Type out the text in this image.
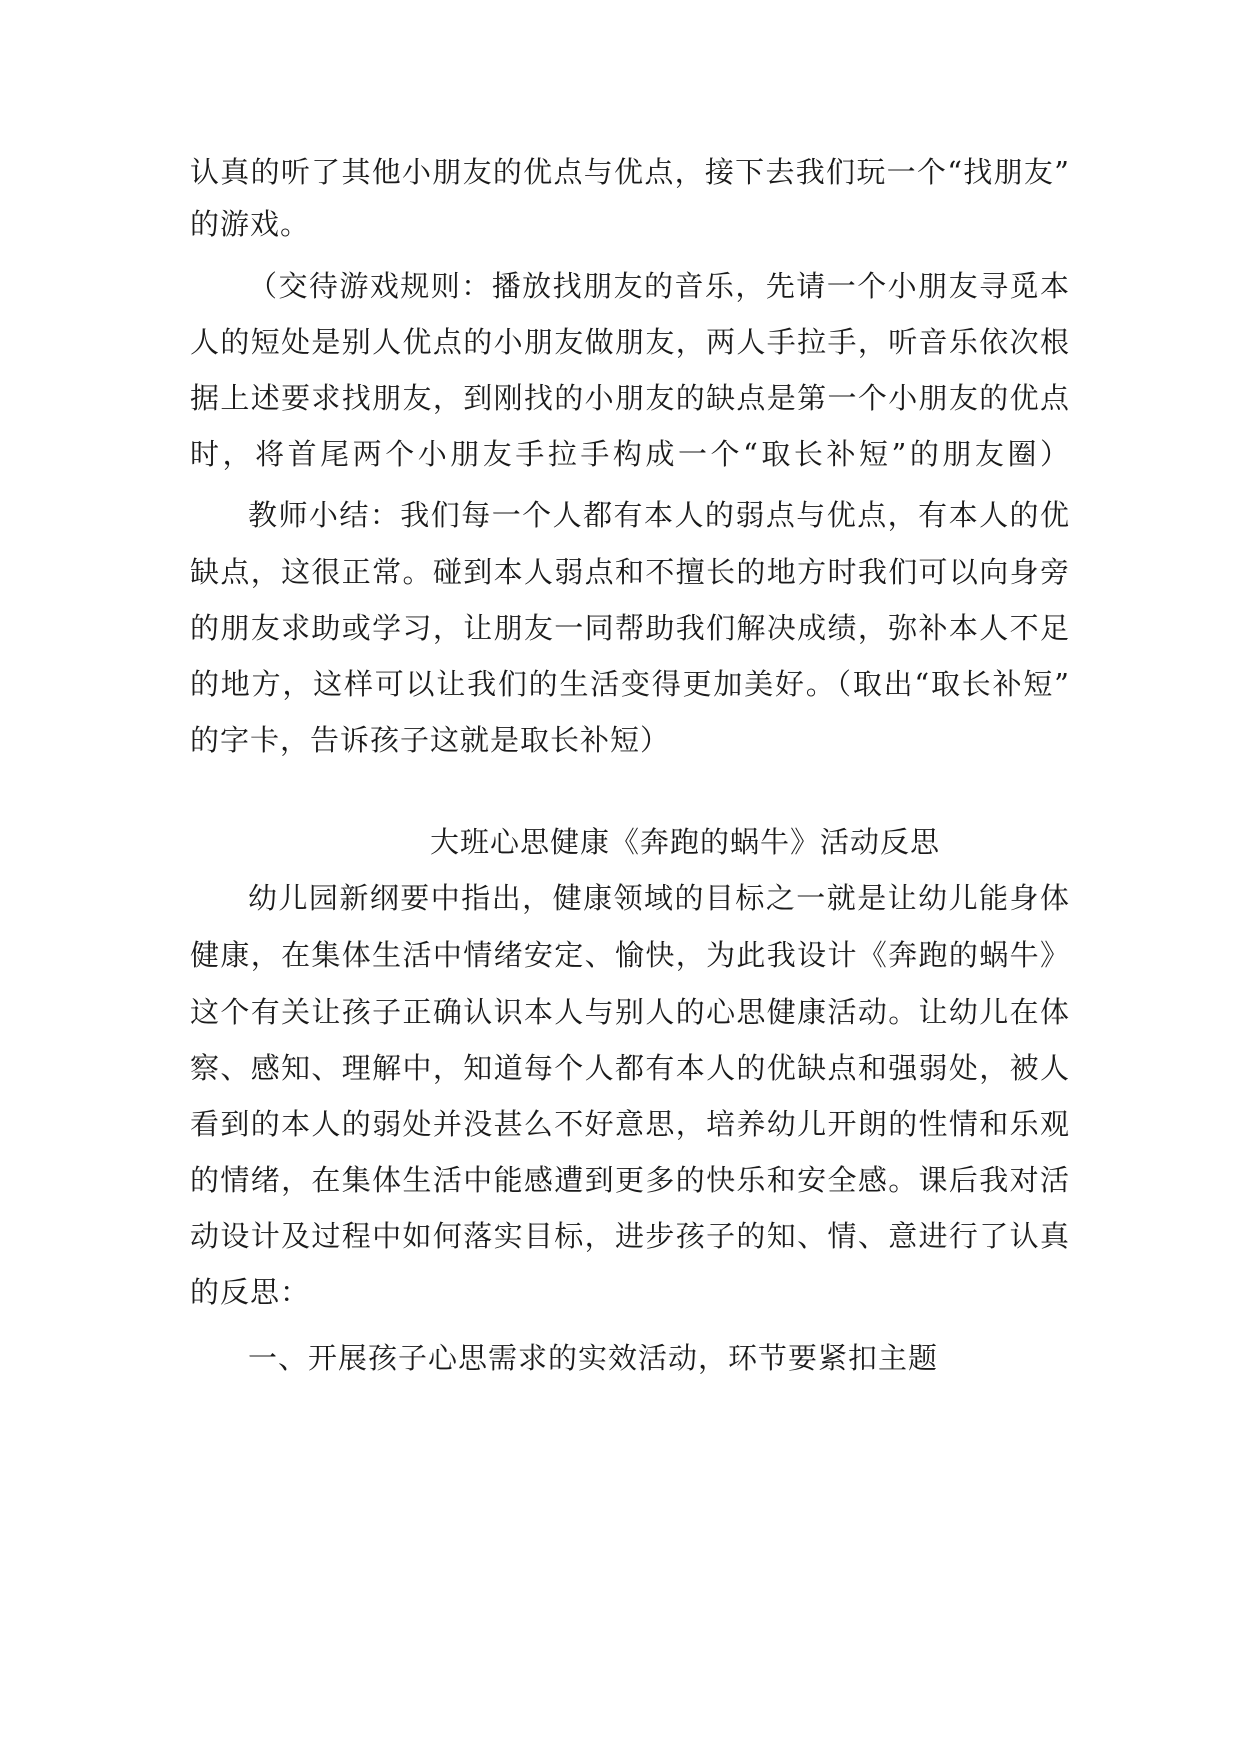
认真的听了其他小朋友的优点与优点，接下去我们玩一个“找朋友”
的游戏。
（交待游戏规则：播放找朋友的音乐，先请一个小朋友寻觅本
人的短处是别人优点的小朋友做朋友，两人手拉手，听音乐依次根
据上述要求找朋友，到刚找的小朋友的缺点是第一个小朋友的优点
时，将首尾两个小朋友手拉手构成一个“取长补短”的朋友圈）
教师小结：我们每一个人都有本人的弱点与优点，有本人的优
缺点，这很正常。碰到本人弱点和不擅长的地方时我们可以向身旁
的朋友求助或学习，让朋友一同帮助我们解决成绩，弥补本人不足
的地方，这样可以让我们的生活变得更加美好。（取出“取长补短”
的字卡，告诉孩子这就是取长补短）
大班心思健康《奔跑的蜗牛》活动反思
幼儿园新纲要中指出，健康领域的目标之一就是让幼儿能身体
健康，在集体生活中情绪安定、愉快，为此我设计《奔跑的蜗牛》
这个有关让孩子正确认识本人与别人的心思健康活动。让幼儿在体
察、感知、理解中，知道每个人都有本人的优缺点和强弱处，被人
看到的本人的弱处并没甚么不好意思，培养幼儿开朗的性情和乐观
的情绪，在集体生活中能感遭到更多的快乐和安全感。课后我对活
动设计及过程中如何落实目标，进步孩子的知、情、意进行了认真
的反思：
一、开展孩子心思需求的实效活动，环节要紧扣主题
